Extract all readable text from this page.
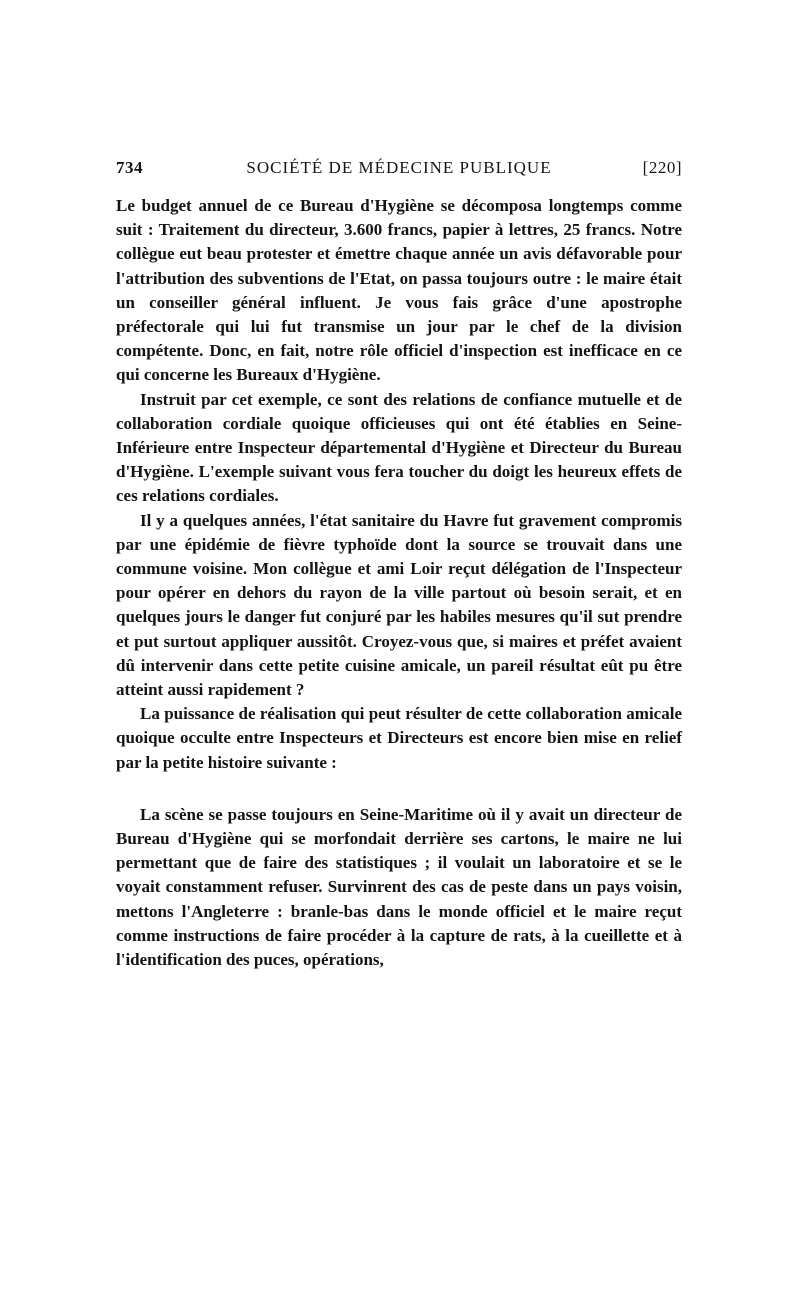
734	SOCIÉTÉ DE MÉDECINE PUBLIQUE	[220]

Le budget annuel de ce Bureau d'Hygiène se décomposa longtemps comme suit : Traitement du directeur, 3.600 francs, papier à lettres, 25 francs. Notre collègue eut beau protester et émettre chaque année un avis défavorable pour l'attribution des subventions de l'Etat, on passa toujours outre : le maire était un conseiller général influent. Je vous fais grâce d'une apostrophe préfectorale qui lui fut transmise un jour par le chef de la division compétente. Donc, en fait, notre rôle officiel d'inspection est inefficace en ce qui concerne les Bureaux d'Hygiène.

Instruit par cet exemple, ce sont des relations de confiance mutuelle et de collaboration cordiale quoique officieuses qui ont été établies en Seine-Inférieure entre Inspecteur départemental d'Hygiène et Directeur du Bureau d'Hygiène. L'exemple suivant vous fera toucher du doigt les heureux effets de ces relations cordiales.

Il y a quelques années, l'état sanitaire du Havre fut gravement compromis par une épidémie de fièvre typhoïde dont la source se trouvait dans une commune voisine. Mon collègue et ami Loir reçut délégation de l'Inspecteur pour opérer en dehors du rayon de la ville partout où besoin serait, et en quelques jours le danger fut conjuré par les habiles mesures qu'il sut prendre et put surtout appliquer aussitôt. Croyez-vous que, si maires et préfet avaient dû intervenir dans cette petite cuisine amicale, un pareil résultat eût pu être atteint aussi rapidement ?

La puissance de réalisation qui peut résulter de cette collaboration amicale quoique occulte entre Inspecteurs et Directeurs est encore bien mise en relief par la petite histoire suivante :

La scène se passe toujours en Seine-Maritime où il y avait un directeur de Bureau d'Hygiène qui se morfondait derrière ses cartons, le maire ne lui permettant que de faire des statistiques ; il voulait un laboratoire et se le voyait constamment refuser. Survinrent des cas de peste dans un pays voisin, mettons l'Angleterre : branle-bas dans le monde officiel et le maire reçut comme instructions de faire procéder à la capture de rats, à la cueillette et à l'identification des puces, opérations,
